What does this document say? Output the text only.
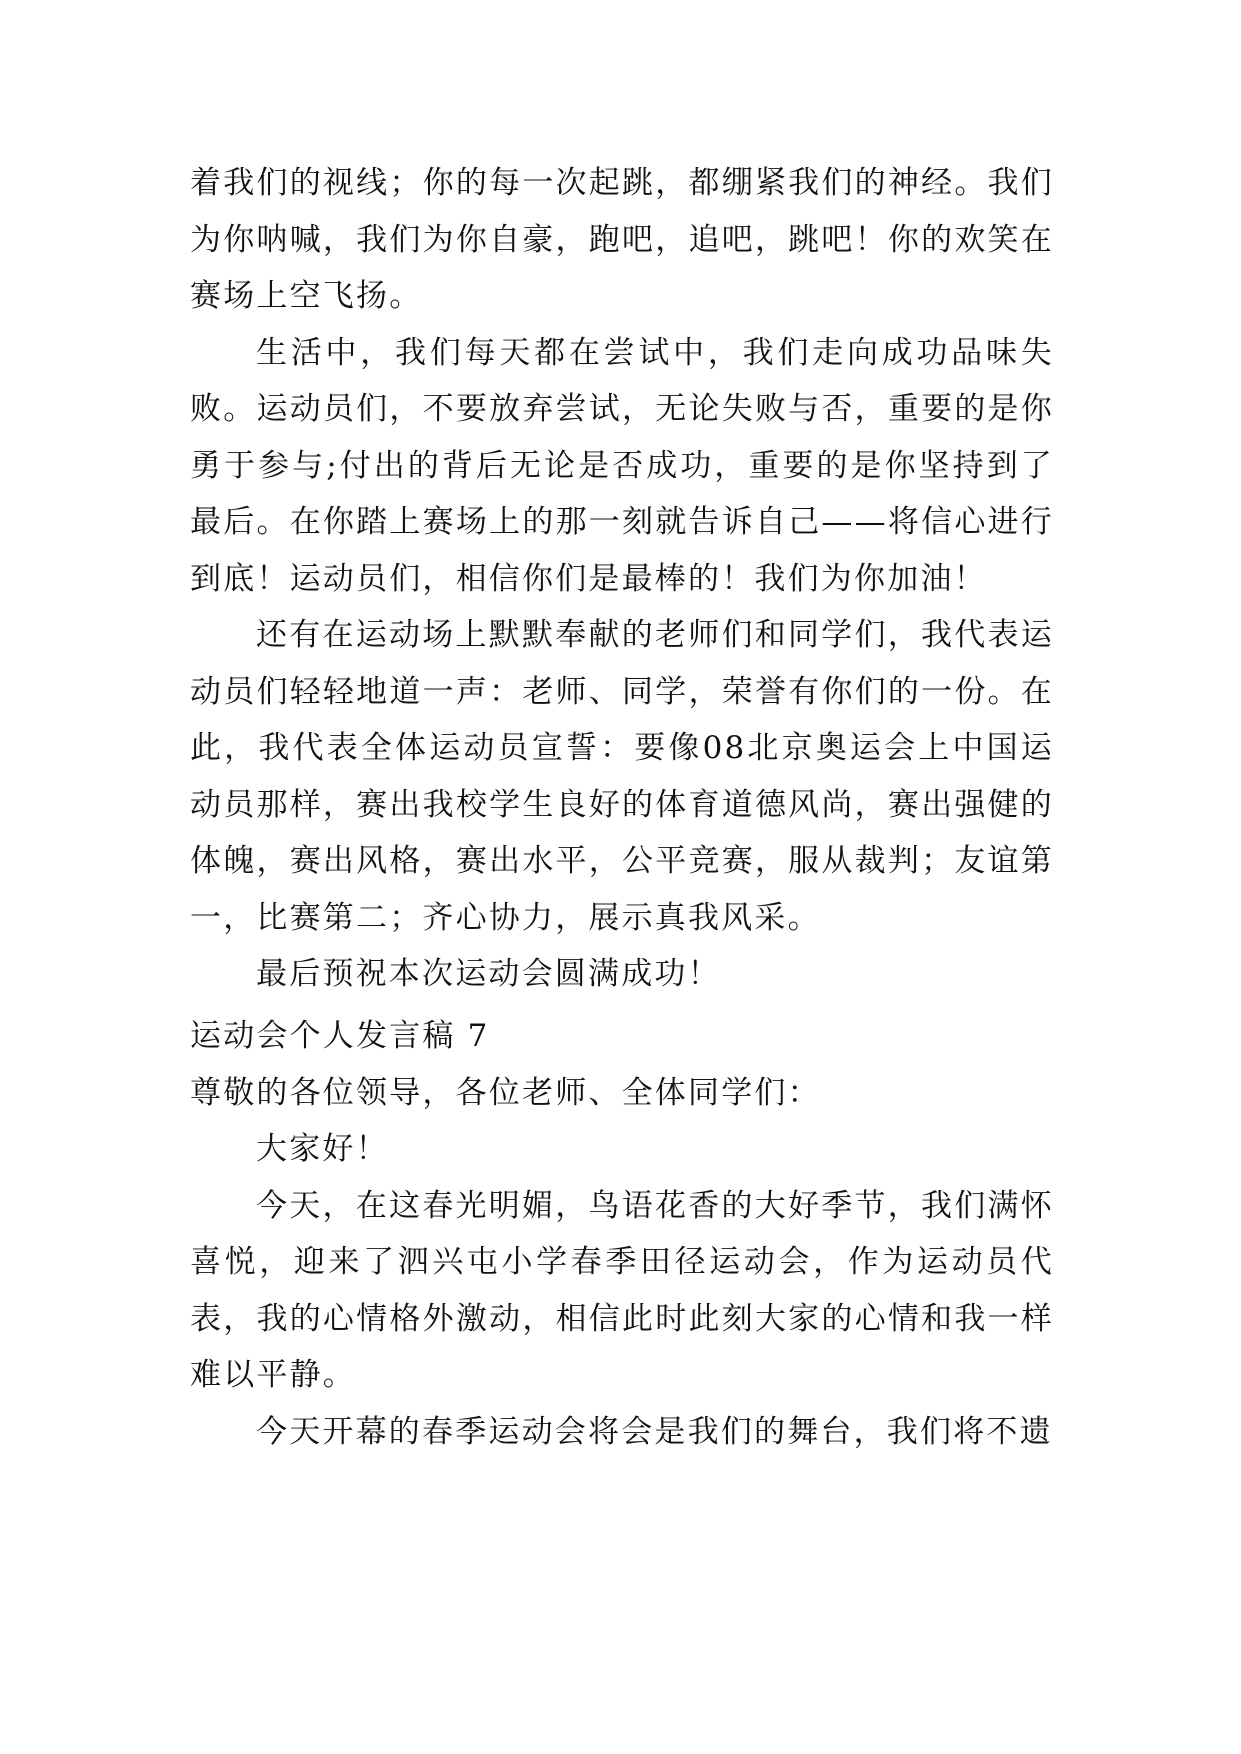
着我们的视线；你的每一次起跳，都绷紧我们的神经。我们为你呐喊，我们为你自豪，跑吧，追吧，跳吧！你的欢笑在赛场上空飞扬。

生活中，我们每天都在尝试中，我们走向成功品味失败。运动员们，不要放弃尝试，无论失败与否，重要的是你勇于参与;付出的背后无论是否成功，重要的是你坚持到了最后。在你踏上赛场上的那一刻就告诉自己——将信心进行到底！运动员们，相信你们是最棒的！我们为你加油！

还有在运动场上默默奉献的老师们和同学们，我代表运动员们轻轻地道一声：老师、同学，荣誉有你们的一份。在此，我代表全体运动员宣誓：要像08北京奥运会上中国运动员那样，赛出我校学生良好的体育道德风尚，赛出强健的体魄，赛出风格，赛出水平，公平竞赛，服从裁判；友谊第一，比赛第二；齐心协力，展示真我风采。

最后预祝本次运动会圆满成功！

运动会个人发言稿 7

尊敬的各位领导，各位老师、全体同学们：

大家好！

今天，在这春光明媚，鸟语花香的大好季节，我们满怀喜悦，迎来了泗兴屯小学春季田径运动会，作为运动员代表，我的心情格外激动，相信此时此刻大家的心情和我一样难以平静。

今天开幕的春季运动会将会是我们的舞台，我们将不遗
